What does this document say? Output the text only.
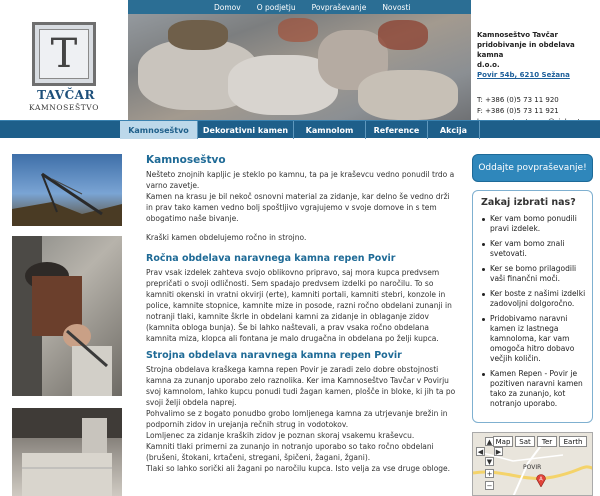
T
TAVČAR
KAMNOSEŠTVO
Domov O podjetju Povpraševanje Novosti
Vpišite iskalni niz
Kamnoseštvo Tavčar
pridobivanje in obdelava kamna
d.o.o.
Povir 54b, 6210 Sežana
T: +386 (0)5 73 11 920
F: +386 (0)5 73 11 921
Kamnoseštvo	Dekorativni kamen	Kamnolom	Reference	Akcija
Kamnoseštvo

Nešteto znojnih kapljic je steklo po kamnu, ta pa je kraševcu vedno ponudil trdo a varno zavetje.

Kamen na krasu je bil nekoč osnovni material za zidanje, kar delno še vedno drži in prav tako kamen vedno bolj spoštljivo vgrajujemo v svoje domove in s tem obogatimo naše bivanje.

Kraški kamen obdelujemo ročno in strojno.

Ročna obdelava naravnega kamna repen Povir

Prav vsak izdelek zahteva svojo oblikovno pripravo, saj mora kupca predvsem prepričati o svoji odličnosti. Sem spadajo predvsem izdelki po naročilu. To so kamniti okenski in vratni okvirji (erte), kamniti portali, kamniti stebri, konzole in police, kamnite stopnice, kamnite mize in posode, razni ročno obdelani zunanji in notranji tlaki, kamnite škrle in obdelani kamni za zidanje in oblaganje zidov (kamnita obloga bunja). Še bi lahko naštevali, a prav vsaka ročno obdelana kamnita miza, klopca ali fontana je malo drugačna in obdelana po želji kupca.

Strojna obdelava naravnega kamna repen Povir

Strojna obdelava kraškega kamna repen Povir je zaradi zelo dobre obstojnosti kamna za zunanjo uporabo zelo raznolika. Ker ima Kamnoseštvo Tavčar v Povirju svoj kamnolom, lahko kupcu ponudi tudi žagan kamen, plošče in bloke, ki jih ta po svoji želji obdela naprej.

Pohvalimo se z bogato ponudbo grobo lomljenega kamna za utrjevanje brežin in podpornih zidov in urejanja rečnih strug in vodotokov.

Lomljenec za zidanje kraških zidov je poznan skoraj vsakemu kraševcu.

Kamniti tlaki primerni za zunanjo in notranjo uporabo so tako ročno obdelani (brušeni, štokani, krtačeni, stregani, špičeni, žagani, žgani).

Tlaki so lahko sorički ali žagani po naročilu kupca. Isto velja za vse druge obloge.

Oddajte povpraševanje!
Zakaj izbrati nas?
Ker vam bomo ponudili pravi izdelek.
Ker vam bomo znali svetovati.
Ker se bomo prilagodili vaši finančni moči.
Ker boste z našimi izdelki zadovoljni dolgoročno.
Pridobivamo naravni kamen iz lastnega kamnoloma, kar vam omogoča hitro dobavo večjih količin.
Kamen Repen - Povir je pozitiven naravni kamen tako za zunanjo, kot notranjo uporabo.
Map	Sat	Ter	Earth
▲
◀ ▶
▼
+
−
POVIR
A
